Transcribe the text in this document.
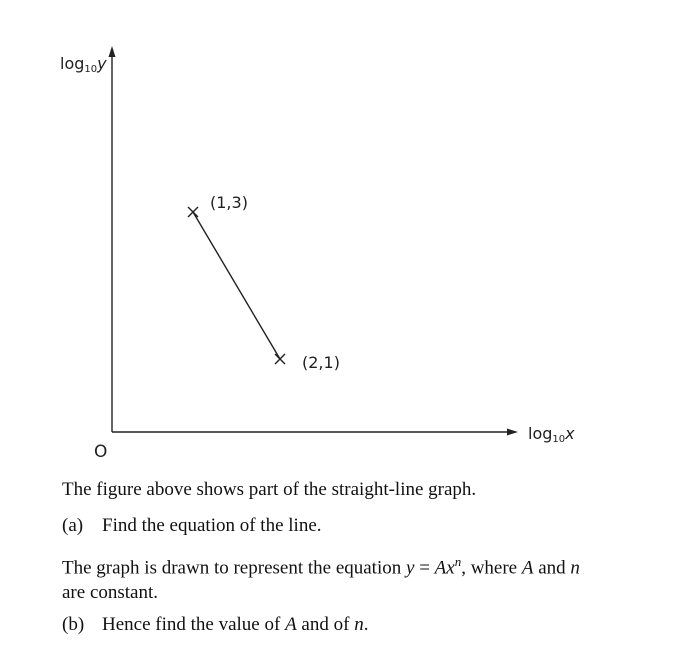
$\log_{10}y$
$\log_{10}x$
O
(1,3)
(2,1)

The figure above shows part of the straight-line graph.

(a) Find the equation of the line.

The graph is drawn to represent the equation $y = Ax^n$, where A and n

are constant.

(b) Hence find the value of A and of n.
